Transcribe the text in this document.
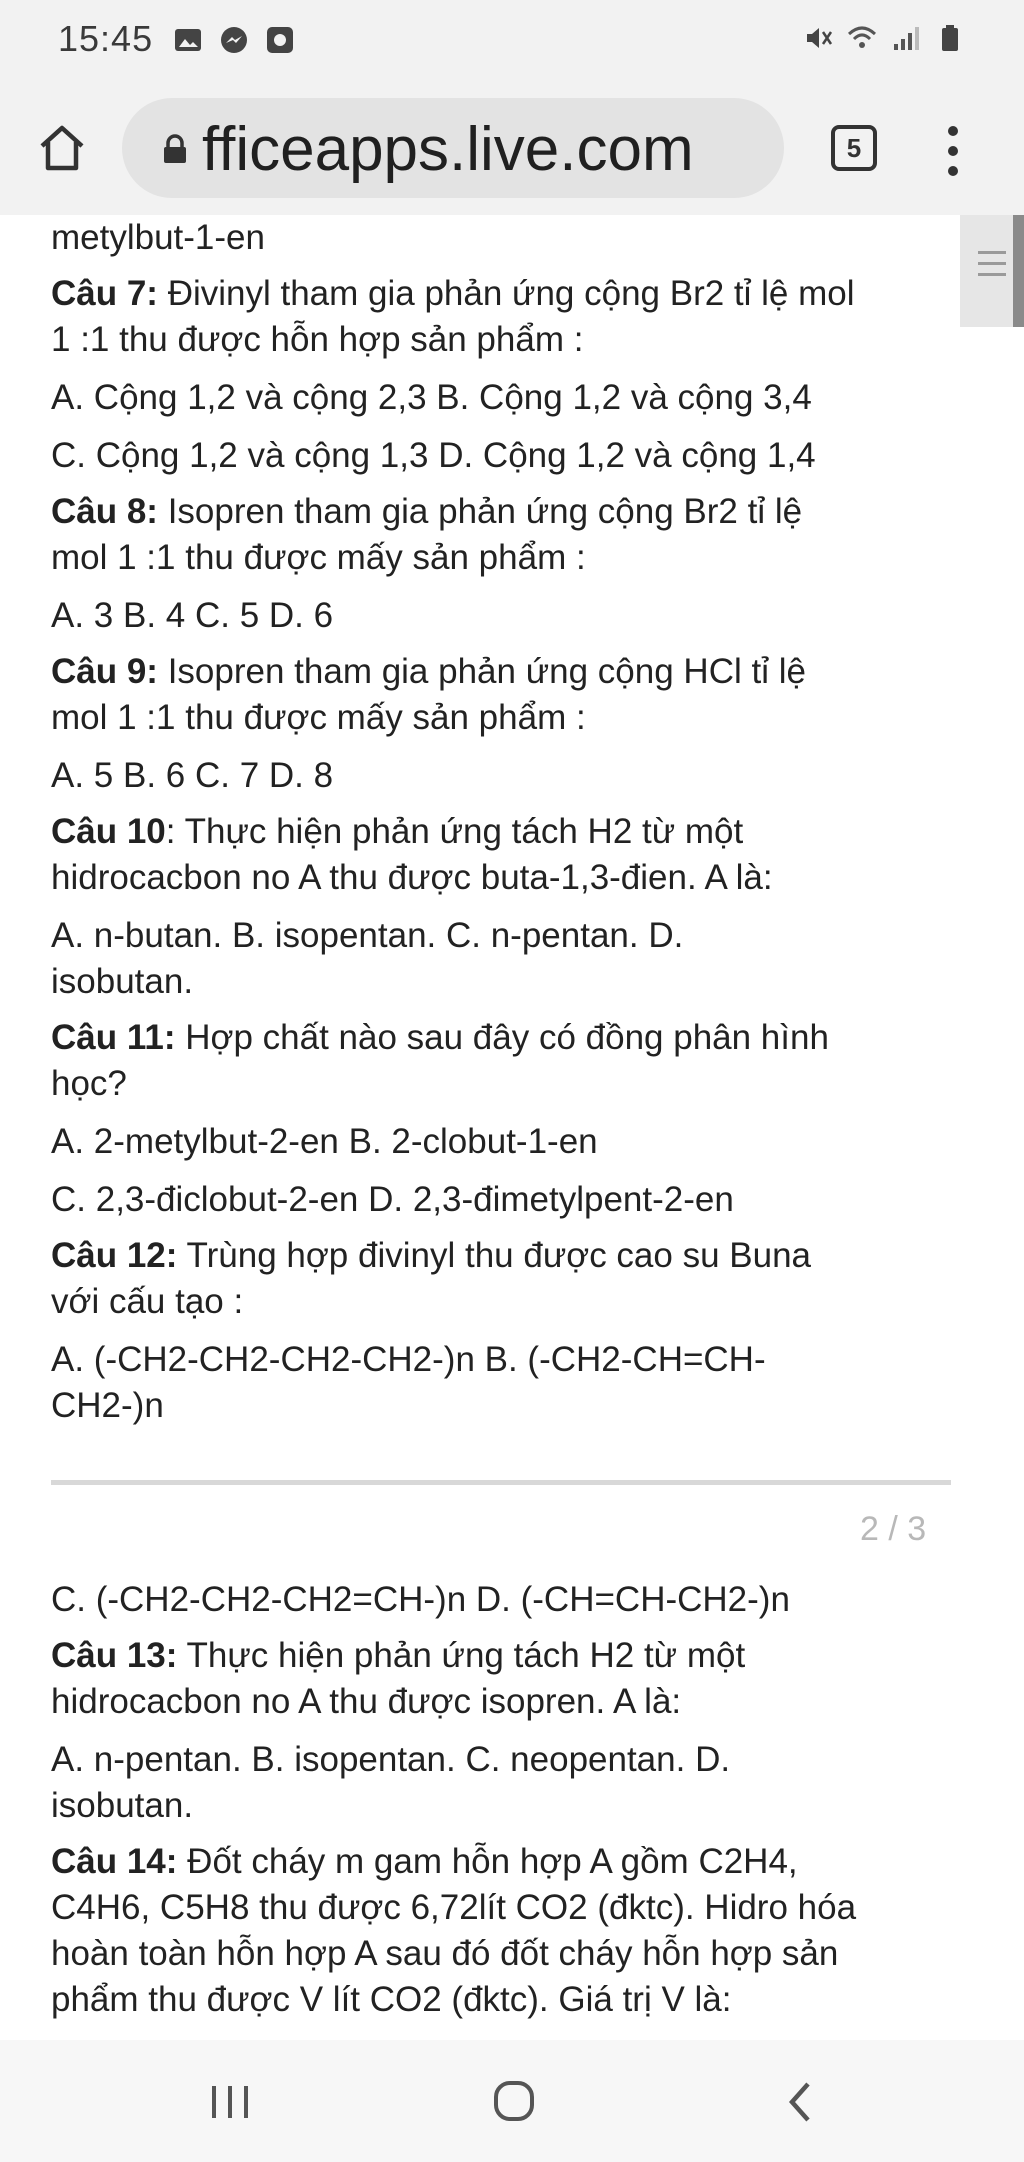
15:45
fficeapps.live.com	5
metylbut-1-en
Câu 7: Đivinyl tham gia phản ứng cộng Br2 tỉ lệ mol
1 :1 thu được hỗn hợp sản phẩm :
A. Cộng 1,2 và cộng 2,3 B. Cộng 1,2 và cộng 3,4
C. Cộng 1,2 và cộng 1,3 D. Cộng 1,2 và cộng 1,4
Câu 8: Isopren tham gia phản ứng cộng Br2 tỉ lệ
mol 1 :1 thu được mấy sản phẩm :
A. 3 B. 4 C. 5 D. 6
Câu 9: Isopren tham gia phản ứng cộng HCl tỉ lệ
mol 1 :1 thu được mấy sản phẩm :
A. 5 B. 6 C. 7 D. 8
Câu 10: Thực hiện phản ứng tách H2 từ một
hidrocacbon no A thu được buta-1,3-đien. A là:
A. n-butan. B. isopentan. C. n-pentan. D.
isobutan.
Câu 11: Hợp chất nào sau đây có đồng phân hình
học?
A. 2-metylbut-2-en B. 2-clobut-1-en
C. 2,3-điclobut-2-en D. 2,3-đimetylpent-2-en
Câu 12: Trùng hợp đivinyl thu được cao su Buna
với cấu tạo :
A. (-CH2-CH2-CH2-CH2-)n B. (-CH2-CH=CH-
CH2-)n
2 / 3
C. (-CH2-CH2-CH2=CH-)n D. (-CH=CH-CH2-)n
Câu 13: Thực hiện phản ứng tách H2 từ một
hidrocacbon no A thu được isopren. A là:
A. n-pentan. B. isopentan. C. neopentan. D.
isobutan.
Câu 14: Đốt cháy m gam hỗn hợp A gồm C2H4,
C4H6, C5H8 thu được 6,72lít CO2 (đktc). Hidro hóa
hoàn toàn hỗn hợp A sau đó đốt cháy hỗn hợp sản
phẩm thu được V lít CO2 (đktc). Giá trị V là:
